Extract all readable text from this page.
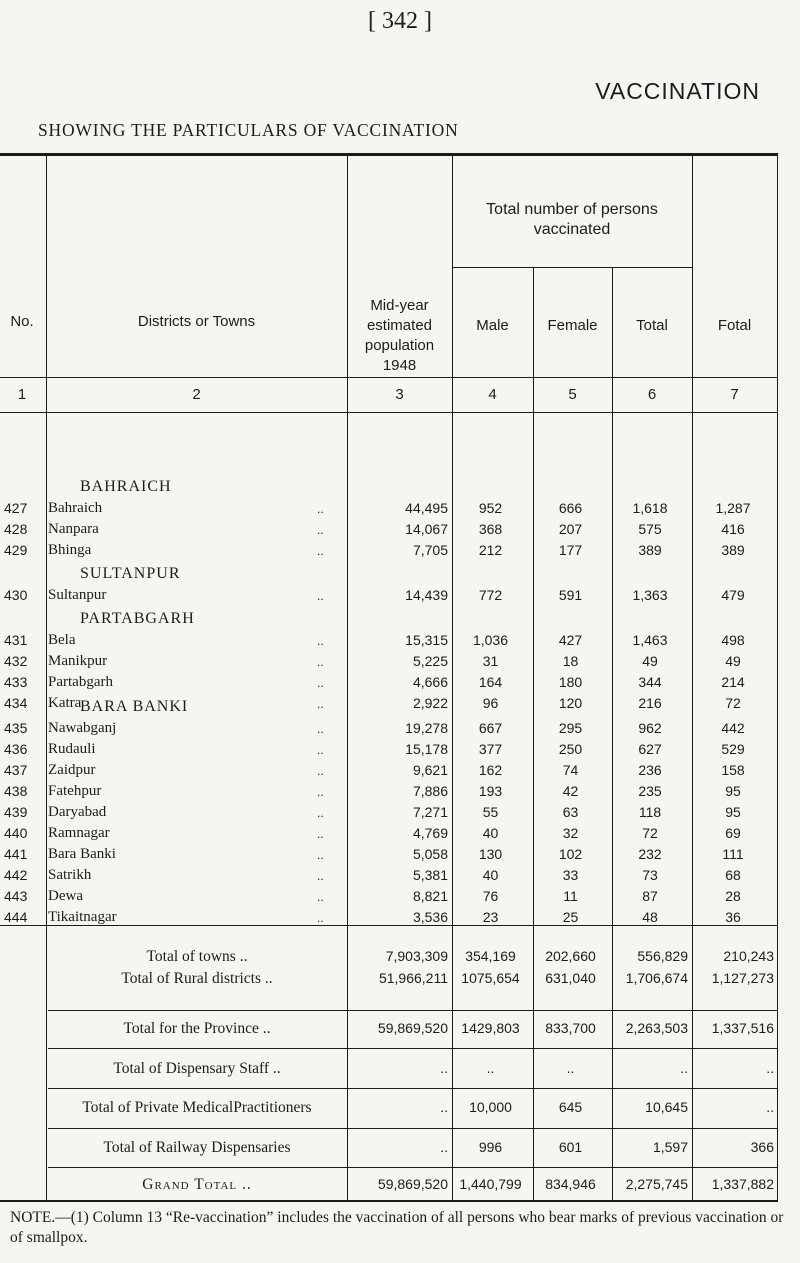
[ 342 ]
VACCINATION
SHOWING THE PARTICULARS OF VACCINATION
No.	Districts or Towns
Mid-year
estimated
population
1948
Total number of persons
vaccinated
Male	Female	Total	Fotal
1	2	3	4	5	6	7
BAHRAICH
SULTANPUR
PARTABGARH
BARA BANKI
427 Bahraich	..	44,495	952	666	1,618	1,287
428 Nanpara	..	14,067	368	207	575	416
429 Bhinga	..	7,705	212	177	389	389
430 Sultanpur	..	14,439	772	591	1,363	479
431 Bela	..	15,315	1,036	427	1,463	498
432 Manikpur	..	5,225	31	18	49	49
433 Partabgarh	..	4,666	164	180	344	214
434 Katra	..	2,922	96	120	216	72
435 Nawabganj	..	19,278	667	295	962	442
436 Rudauli	..	15,178	377	250	627	529
437 Zaidpur	..	9,621	162	74	236	158
438 Fatehpur	..	7,886	193	42	235	95
439 Daryabad	..	7,271	55	63	118	95
440 Ramnagar	..	4,769	40	32	72	69
441 Bara Banki	..	5,058	130	102	232	111
442 Satrikh	..	5,381	40	33	73	68
443 Dewa	..	8,821	76	11	87	28
444 Tikaitnagar	..	3,536	23	25	48	36
Total of towns ..	7,903,309	354,169	202,660	556,829	210,243
Total of Rural districts ..	51,966,211 1075,654	631,040	1,706,674	1,127,273
Total for the Province ..	59,869,520 1429,803	833,700	2,263,503	1,337,516
Total of Dispensary Staff ..	..	..	..	..	..
Total of Private MedicalPractitioners	..	10,000	645	10,645	..
Total of Railway Dispensaries	..	996	601	1,597	366
Grand Total ..	59,869,520 1,440,799	834,946	2,275,745	1,337,882
NOTE.—(1) Column 13 “Re-vaccination” includes the vaccination of all persons who bear marks of previous vaccination or of smallpox.
